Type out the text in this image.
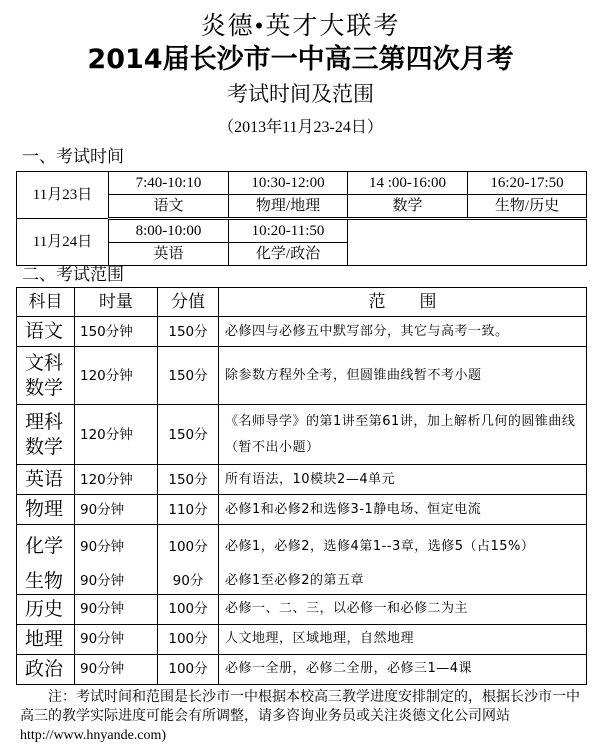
炎德•英才大联考
2014届长沙市一中高三第四次月考
考试时间及范围
（2013年11月23-24日）
一、考试时间
11月23日	7:40-10:10	10:30-12:00	14 :00-16:00	16:20-17:50
	语文	物理/地理	数学	生物/历史
11月24日	8:00-10:00	10:20-11:50		
	英语	化学/政治		
二、考试范围
科目	时量	分值	范　　围
语文	150分钟	150分	必修四与必修五中默写部分，其它与高考一致。
文科数学	120分钟	150分	除参数方程外全考，但圆锥曲线暂不考小题
理科数学	120分钟	150分	《名师导学》的第1讲至第61讲，加上解析几何的圆锥曲线（暂不出小题）
英语	120分钟	150分	所有语法，10模块2—4单元
物理	90分钟	110分	必修1和必修2和选修3-1静电场、恒定电流
化学	90分钟	100分	必修1，必修2，选修4第1--3章，选修5（占15%）
生物	90分钟	90分	必修1至必修2的第五章
历史	90分钟	100分	必修一、二、三，以必修一和必修二为主
地理	90分钟	100分	人文地理，区域地理，自然地理
政治	90分钟	100分	必修一全册，必修二全册，必修三1—4课
注：考试时间和范围是长沙市一中根据本校高三教学进度安排制定的，根据长沙市一中高三的教学实际进度可能会有所调整，请多咨询业务员或关注炎德文化公司网站
http://www.hnyande.com)
